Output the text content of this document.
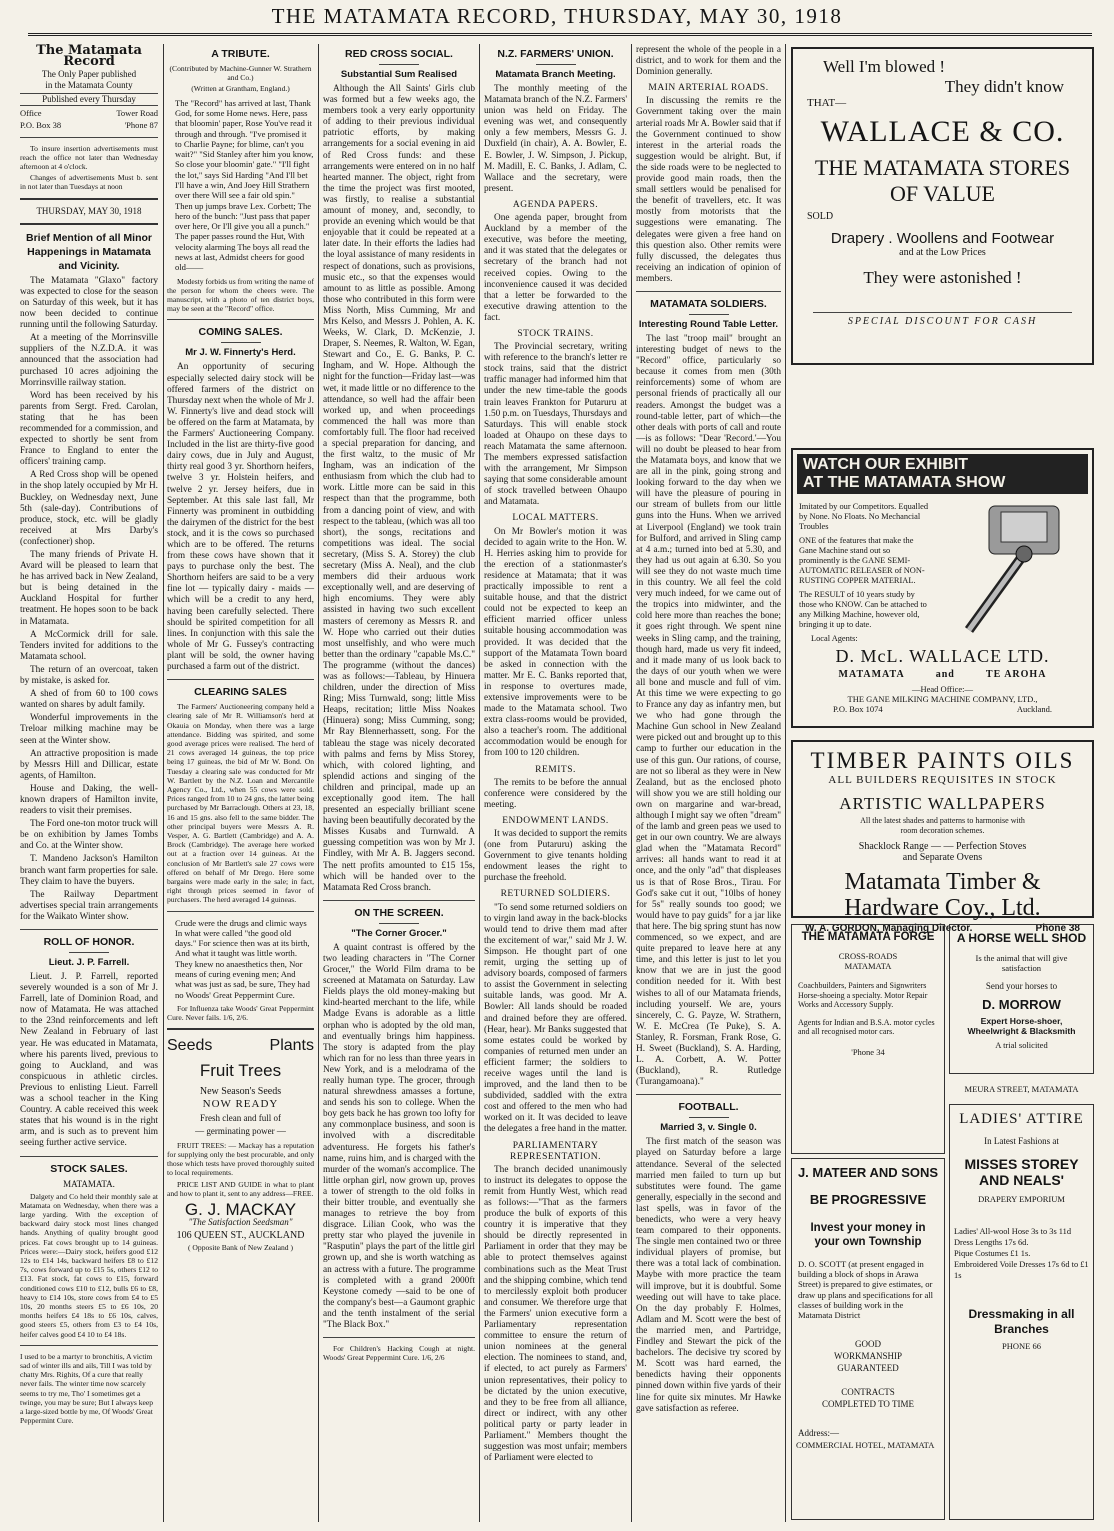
THE MATAMATA RECORD, THURSDAY, MAY 30, 1918
The Matamata Record
The Only Paper published
in the Matamata County
Published every Thursday
Office	Tower Road
P.O. Box 38	'Phone 87
To insure insertion advertisements must reach the office not later than Wednesday afternoon at 4 o'clock.
Changes of advertisements Must b. sent in not later than Tuesdays at noon
THURSDAY, MAY 30, 1918
Brief Mention of all Minor Happenings in Matamata and Vicinity.
The Matamata "Glaxo" factory was expected to close for the season on Saturday of this week, but it has now been decided to continue running until the following Saturday.
At a meeting of the Morrinsville suppliers of the N.Z.D.A. it was announced that the association had purchased 10 acres adjoining the Morrinsville railway station.
Word has been received by his parents from Sergt. Fred. Carolan, stating that he has been recommended for a commission, and expected to shortly be sent from France to England to enter the officers' training camp.
A Red Cross shop will be opened in the shop lately occupied by Mr H. Buckley, on Wednesday next, June 5th (sale-day). Contributions of produce, stock, etc. will be gladly received at Mrs Darby's (confectioner) shop.
The many friends of Private H. Avard will be pleased to learn that he has arrived back in New Zealand, but is being detained in the Auckland Hospital for further treatment. He hopes soon to be back in Matamata.
A McCormick drill for sale. Tenders invited for additions to the Matamata school.
The return of an overcoat, taken by mistake, is asked for.
A shed of from 60 to 100 cows wanted on shares by adult family.
Wonderful improvements in the Treloar milking machine may be seen at the Winter show.
An attractive proposition is made by Messrs Hill and Dillicar, estate agents, of Hamilton.
House and Daking, the well-known drapers of Hamilton invite, readers to visit their premises.
The Ford one-ton motor truck will be on exhibition by James Tombs and Co. at the Winter show.
T. Mandeno Jackson's Hamilton branch want farm properties for sale. They claim to have the buyers.
The Railway Department advertises special train arrangements for the Waikato Winter show.
ROLL OF HONOR.
Lieut. J. P. Farrell.
Lieut. J. P. Farrell, reported severely wounded is a son of Mr J. Farrell, late of Dominion Road, and now of Matamata. He was attached to the 23nd reinforcements and left New Zealand in February of last year. He was educated in Matamata, where his parents lived, previous to going to Auckland, and was conspicuous in athletic circles. Previous to enlisting Lieut. Farrell was a school teacher in the King Country. A cable received this week states that his wound is in the right arm, and is such as to prevent him seeing further active service.
STOCK SALES.
MATAMATA.
Dalgety and Co held their monthly sale at Matamata on Wednesday, when there was a large yarding. With the exception of backward dairy stock most lines changed hands. Anything of quality brought good prices. Fat cows brought up to 14 guineas. Prices were:—Dairy stock, heifers good £12 12s to £14 14s, backward heifers £8 to £12 7s, cows forward up to £15 5s, others £12 to £13. Fat stock, fat cows to £15, forward conditioned cows £10 to £12, bulls £6 to £8, heavy to £14 10s, store cows from £4 to £5 10s, 20 months steers £5 to £6 10s, 20 months heifers £4 18s to £6 10s, calves, good steers £5, others from £3 to £4 10s, heifer calves good £4 10 to £4 18s.
I used to be a martyr to bronchitis, A victim sad of winter ills and ails, Till I was told by chatty Mrs. Righits, Of a cure that really never fails. The winter time now scarcely seems to try me, Tho' I sometimes get a twinge, you may be sure; But I always keep a large-sized bottle by me, Of Woods' Great Peppermint Cure.
A TRIBUTE.
(Contributed by Machine-Gunner W. Strathern and Co.)
(Written at Grantham, England.)
The "Record" has arrived at last, Thank God, for some Home news. Here, pass that bloomin' paper, Rose You've read it through and through. "I've promised it to Charlie Payne; for blime, can't you wait?" "Sid Stanley after him you know, So close your bloomin' gate." "I'll fight the lot," says Sid Harding "And I'll bet I'll have a win, And Joey Hill Strathern over there Will see a fair old spin." Then up jumps brave Lex. Corbett; The hero of the bunch: "Just pass that paper over here, Or I'll give you all a punch." The paper passes round the Hut, With velocity alarming The boys all read the news at last, Admidst cheers for good old——
Modesty forbids us from writing the name of the person for whom the cheers were. The manuscript, with a photo of ten district boys, may be seen at the "Record" office.
COMING SALES.
Mr J. W. Finnerty's Herd.
An opportunity of securing especially selected dairy stock will be offered farmers of the district on Thursday next when the whole of Mr J. W. Finnerty's live and dead stock will be offered on the farm at Matamata, by the Farmers' Auctioneering Company. Included in the list are thirty-five good dairy cows, due in July and August, thirty real good 3 yr. Shorthorn heifers, twelve 3 yr. Holstein heifers, and twelve 2 yr. Jersey heifers, due in September. At this sale last fall, Mr Finnerty was prominent in outbidding the dairymen of the district for the best stock, and it is the cows so purchased which are to be offered. The returns from these cows have shown that it pays to purchase only the best. The Shorthorn heifers are said to be a very fine lot — typically dairy - maids — which will be a credit to any herd, having been carefully selected. There should be spirited competition for all lines. In conjunction with this sale the whole of Mr G. Fussey's contracting plant will be sold, the owner having purchased a farm out of the district.
CLEARING SALES
The Farmers' Auctioneering company held a clearing sale of Mr R. Williamson's herd at Okauia on Monday, when there was a large attendance. Bidding was spirited, and some good average prices were realised. The herd of 21 cows averaged 14 guineas, the top price being 17 guineas, the bid of Mr W. Bond. On Tuesday a clearing sale was conducted for Mr W. Bartlett by the N.Z. Loan and Mercantile Agency Co., Ltd., when 55 cows were sold. Prices ranged from 10 to 24 gns, the latter being purchased by Mr Barraclough. Others at 23, 18, 16 and 15 gns. also fell to the same bidder. The other principal buyers were Messrs A. R. Vesper, A. G. Bartlett (Cambridge) and A. A. Brock (Cambridge). The average here worked out at a fraction over 14 guineas. At the conclusion of Mr Bartlett's sale 27 cows were offered on behalf of Mr Drego. Here some bargains were made early in the sale; in fact, right through prices seemed in favor of purchasers. The herd averaged 14 guineas.
Crude were the drugs and climic ways In what were called "the good old days." For science then was at its birth, And what it taught was little worth. They knew no anaesthetics then, Nor means of curing evening men; And what was just as sad, be sure, They had no Woods' Great Peppermint Cure.
For Influenza take Woods' Great Peppermint Cure. Never fails. 1/6, 2/6.
Seeds	Plants
Fruit Trees
New Season's Seeds
NOW READY
Fresh clean and full of
— germinating power —
FRUIT TREES: — Mackay has a reputation for supplying only the best procurable, and only those which tests have proved thoroughly suited to local requirements.
PRICE LIST AND GUIDE in what to plant and how to plant it, sent to any address—FREE.
G. J. MACKAY
"The Satisfaction Seedsman"
106 QUEEN ST., AUCKLAND
( Opposite Bank of New Zealand )
RED CROSS SOCIAL.
Substantial Sum Realised
Although the All Saints' Girls club was formed but a few weeks ago, the members took a very early opportunity of adding to their previous individual patriotic efforts, by making arrangements for a social evening in aid of Red Cross funds: and these arrangements were entered on in no half hearted manner. The object, right from the time the project was first mooted, was firstly, to realise a substantial amount of money, and, secondly, to provide an evening which would be that enjoyable that it could be repeated at a later date. In their efforts the ladies had the loyal assistance of many residents in respect of donations, such as provisions, music etc., so that the expenses would amount to as little as possible. Among those who contributed in this form were Miss North, Miss Cumming, Mr and Mrs Kelso, and Messrs J. Pohlen, A. K. Weeks, W. Clark, D. McKenzie, J. Draper, S. Neemes, R. Walton, W. Egan, Stewart and Co., E. G. Banks, P. C. Ingham, and W. Hope. Although the night for the function—Friday last—was wet, it made little or no difference to the attendance, so well had the affair been worked up, and when proceedings commenced the hall was more than comfortably full. The floor had received a special preparation for dancing, and the first waltz, to the music of Mr Ingham, was an indication of the enthusiasm from which the club had to work. Little more can be said in this respect than that the programme, both from a dancing point of view, and with respect to the tableau, (which was all too short), the songs, recitations and competitions was ideal. The social secretary, (Miss S. A. Storey) the club secretary (Miss A. Neal), and the club members did their arduous work exceptionally well, and are deserving of high encomiums. They were ably assisted in having two such excellent masters of ceremony as Messrs R. and W. Hope who carried out their duties most unselfishly, and who were much better than the ordinary "capable Ms.C." The programme (without the dances) was as follows:—Tableau, by Hinuera children, under the direction of Miss Ring; Miss Turnwald, song; little Miss Heaps, recitation; little Miss Noakes (Hinuera) song; Miss Cumming, song; Mr Ray Blennerhassett, song. For the tableau the stage was nicely decorated with palms and ferns by Miss Storey, which, with colored lighting, and splendid actions and singing of the children and principal, made up an exceptionally good item. The hall presented an especially brilliant scene having been beautifully decorated by the Misses Kusabs and Turnwald. A guessing competition was won by Mr J. Findley, with Mr A. B. Jaggers second. The nett profits amounted to £15 15s, which will be handed over to the Matamata Red Cross branch.
ON THE SCREEN.
"The Corner Grocer."
A quaint contrast is offered by the two leading characters in "The Corner Grocer," the World Film drama to be screened at Matamata on Saturday. Law Fields plays the old money-making but kind-hearted merchant to the life, while Madge Evans is adorable as a little orphan who is adopted by the old man, and eventually brings him happiness. The story is adapted from the play which ran for no less than three years in New York, and is a melodrama of the really human type. The grocer, through natural shrewdness amasses a fortune, and sends his son to college. When the boy gets back he has grown too lofty for any commonplace business, and soon is involved with a discreditable adventuress. He forgets his father's name, ruins him, and is charged with the murder of the woman's accomplice. The little orphan girl, now grown up, proves a tower of strength to the old folks in their bitter trouble, and eventually she manages to retrieve the boy from disgrace. Lilian Cook, who was the pretty star who played the juvenile in "Rasputin" plays the part of the little girl grown up, and she is worth watching as an actress with a future. The programme is completed with a grand 2000ft Keystone comedy —said to be one of the company's best—a Gaumont graphic and the tenth instalment of the serial "The Black Box."
For Children's Hacking Cough at night. Woods' Great Peppermint Cure. 1/6, 2/6
N.Z. FARMERS' UNION.
Matamata Branch Meeting.
The monthly meeting of the Matamata branch of the N.Z. Farmers' union was held on Friday. The evening was wet, and consequently only a few members, Messrs G. J. Duxfield (in chair), A. A. Bowler, E. E. Bowler, J. W. Simpson, J. Pickup, M. Madill, E. C. Banks, J. Adlam, C. Wallace and the secretary, were present.
AGENDA PAPERS.
One agenda paper, brought from Auckland by a member of the executive, was before the meeting, and it was stated that the delegates or secretary of the branch had not received copies. Owing to the inconvenience caused it was decided that a letter be forwarded to the executive drawing attention to the fact.
STOCK TRAINS.
The Provincial secretary, writing with reference to the branch's letter re stock trains, said that the district traffic manager had informed him that under the new time-table the goods train leaves Frankton for Putaruru at 1.50 p.m. on Tuesdays, Thursdays and Saturdays. This will enable stock loaded at Ohaupo on these days to reach Matamata the same afternoon. The members expressed satisfaction with the arrangement, Mr Simpson saying that some considerable amount of stock travelled between Ohaupo and Matamata.
LOCAL MATTERS.
On Mr Bowler's motion it was decided to again write to the Hon. W. H. Herries asking him to provide for the erection of a stationmaster's residence at Matamata; that it was practically impossible to rent a suitable house, and that the district could not be expected to keep an efficient married officer unless suitable housing accommodation was provided. It was decided that the support of the Matamata Town board be asked in connection with the matter. Mr E. C. Banks reported that, in response to overtures made, extensive improvements were to be made to the Matamata school. Two extra class-rooms would be provided, also a teacher's room. The additional accommodation would be enough for from 100 to 120 children.
REMITS.
The remits to be before the annual conference were considered by the meeting.
ENDOWMENT LANDS.
It was decided to support the remits (one from Putaruru) asking the Government to give tenants holding endowment leases the right to purchase the freehold.
RETURNED SOLDIERS.
"To send some returned soldiers on to virgin land away in the back-blocks would tend to drive them mad after the excitement of war," said Mr J. W. Simpson. He thought part of one remit, urging the setting up of advisory boards, composed of farmers to assist the Government in selecting suitable lands, was good. Mr A. Bowler: All lands should be roaded and drained before they are offered. (Hear, hear). Mr Banks suggested that some estates could be worked by companies of returned men under an efficient farmer; the soldiers to receive wages until the land is improved, and the land then to be subdivided, saddled with the extra cost and offered to the men who had worked on it. It was decided to leave the delegates a free hand in the matter.
PARLIAMENTARY REPRESENTATION.
The branch decided unanimously to instruct its delegates to oppose the remit from Huntly West, which read as follows:—"That as the farmers produce the bulk of exports of this country it is imperative that they should be directly represented in Parliament in order that they may be able to protect themselves against combinations such as the Meat Trust and the shipping combine, which tend to mercilessly exploit both producer and consumer. We therefore urge that the Farmers' union executive form a Parliamentary representation committee to ensure the return of union nominees at the general election. The nominees to stand, and, if elected, to act purely as Farmers' union representatives, their policy to be dictated by the union executive, and they to be free from all alliance, direct or indirect, with any other political party or party leader in Parliament." Members thought the suggestion was most unfair; members of Parliament were elected to
represent the whole of the people in a district, and to work for them and the Dominion generally.
MAIN ARTERIAL ROADS.
In discussing the remits re the Government taking over the main arterial roads Mr A. Bowler said that if the Government continued to show interest in the arterial roads the suggestion would be alright. But, if the side roads were to be neglected to provide good main roads, then the small settlers would be penalised for the benefit of travellers, etc. It was mostly from motorists that the suggestions were emanating. The delegates were given a free hand on this question also. Other remits were fully discussed, the delegates thus receiving an indication of opinion of members.
MATAMATA SOLDIERS.
Interesting Round Table Letter.
The last "troop mail" brought an interesting budget of news to the "Record" office, particularly so because it comes from men (30th reinforcements) some of whom are personal friends of practically all our readers. Amongst the budget was a round-table letter, part of which—the other deals with ports of call and route—is as follows: "Dear 'Record.'—You will no doubt be pleased to hear from the Matamata boys, and know that we are all in the pink, going strong and looking forward to the day when we will have the pleasure of pouring in our stream of bullets from our little guns into the Huns. When we arrived at Liverpool (England) we took train for Bulford, and arrived in Sling camp at 4 a.m.; turned into bed at 5.30, and they had us out again at 6.30. So you will see they do not waste much time in this country. We all feel the cold very much indeed, for we came out of the tropics into midwinter, and the cold here more than reaches the bone; it goes right through. We spent nine weeks in Sling camp, and the training, though hard, made us very fit indeed, and it made many of us look back to the days of our youth when we were all bone and muscle and full of vim. At this time we were expecting to go to France any day as infantry men, but we who had gone through the Machine Gun school in New Zealand were picked out and brought up to this camp to further our education in the use of this gun. Our rations, of course, are not so liberal as they were in New Zealand, but as the enclosed photo will show you we are still holding our own on margarine and war-bread, although I might say we often "dream" of the lamb and green peas we used to get in our own country. We are always glad when the "Matamata Record" arrives: all hands want to read it at once, and the only "ad" that displeases us is that of Rose Bros., Tirau. For God's sake cut it out, "10lbs of honey for 5s" really sounds too good; we would have to pay guids" for a jar like that here. The big spring stunt has now commenced, so we expect, and are quite prepared to leave here at any time, and this letter is just to let you know that we are in just the good condition needed for it. With best wishes to all of our Matamata friends, including yourself. We are, yours sincerely, C. G. Payze, W. Strathern, W. E. McCrea (Te Puke), S. A. Stanley, R. Forsman, Frank Rose, G. H. Sweet (Buckland), S. A. Harding, L. A. Corbett, A. W. Potter (Buckland), R. Rutledge (Turangamoana)."
FOOTBALL.
Married 3, v. Single 0.
The first match of the season was played on Saturday before a large attendance. Several of the selected married men failed to turn up but substitutes were found. The game generally, especially in the second and last spells, was in favor of the benedicts, who were a very heavy team compared to their opponents. The single men contained two or three individual players of promise, but there was a total lack of combination. Maybe with more practice the team will improve, but it is doubtful. Some weeding out will have to take place. On the day probably F. Holmes, Adlam and M. Scott were the best of the married men, and Partridge, Findley and Stewart the pick of the bachelors. The decisive try scored by M. Scott was hard earned, the benedicts having their opponents pinned down within five yards of their line for quite six minutes. Mr Hawke gave satisfaction as referee.
Well I'm blowed !
They didn't know
THAT—
WALLACE & CO.
THE MATAMATA STORES
OF VALUE
SOLD
Drapery . Woollens and Footwear
and at the Low Prices
They were astonished !
SPECIAL DISCOUNT FOR CASH
WATCH OUR EXHIBIT
AT THE MATAMATA SHOW
Imitated by our Competitors. Equalled by None. No Floats. No Mechancial Troubles
ONE of the features that make the Gane Machine stand out so prominently is the GANE SEMI-AUTOMATIC RELEASER of NON-RUSTING COPPER MATERIAL.
The RESULT of 10 years study by those who KNOW. Can be attached to any Milking Machine, however old, bringing it up to date.
Local Agents:
D. McL. WALLACE LTD.
MATAMATA	and	TE AROHA
—Head Office:—
THE GANE MILKING MACHINE COMPANY, LTD.,
P.O. Box 1074	Auckland.
TIMBER PAINTS OILS
ALL BUILDERS REQUISITES IN STOCK
ARTISTIC WALLPAPERS
All the latest shades and patterns to harmonise with room decoration schemes.
Shacklock Range — — Perfection Stoves
and Separate Ovens
Matamata Timber &
Hardware Coy., Ltd.
W. A. GORDON, Managing Director.	Phone 38
THE MATAMATA FORGE
CROSS-ROADS
MATAMATA
Coachbuilders, Painters and Signwriters Horse-shoeing a specialty. Motor Repair Works and Accessory Supply.
Agents for Indian and B.S.A. motor cycles and all recognised motor cars.
'Phone 34
J. MATEER AND SONS
BE PROGRESSIVE
Invest your money in your own Township
D. O. SCOTT (at present engaged in building a block of shops in Arawa Street) is prepared to give estimates, or draw up plans and specifications for all classes of building work in the Matamata District
GOOD WORKMANSHIP GUARANTEED
CONTRACTS COMPLETED TO TIME
Address:—
COMMERCIAL HOTEL, MATAMATA
A HORSE WELL SHOD
Is the animal that will give satisfaction
Send your horses to
D. MORROW
Expert Horse-shoer, Wheelwright & Blacksmith
A trial solicited
MEURA STREET, MATAMATA
LADIES' ATTIRE
In Latest Fashions at
MISSES STOREY
AND NEALS'
DRAPERY EMPORIUM
Ladies' All-wool Hose 3s to 3s 11d
Dress Lengths 17s 6d.
Pique Costumes £1 1s.
Embroidered Voile Dresses 17s 6d to £1 1s
Dressmaking in all Branches
PHONE 66
